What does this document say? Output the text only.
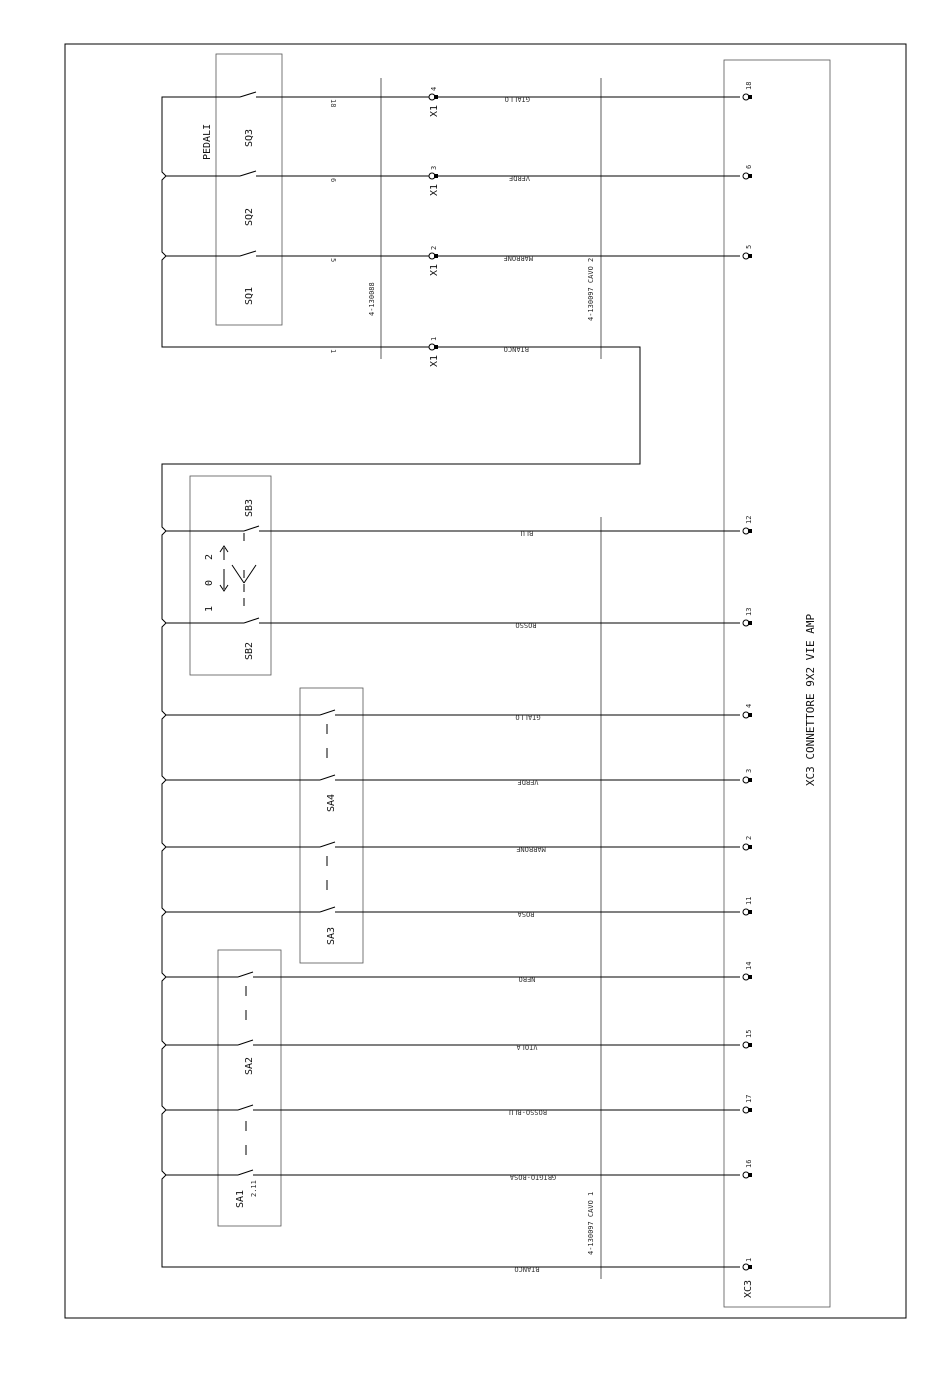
XC3 CONNETTORE 9X2 VIE AMP
4-130088	4-130097 CAVO 2
4-130097 CAVO 1
PEDALI	SQ3
SQ2
SQ1
X1
4
X1
3
X1
2
X1
1
18
6
5
1
GIALLO
VERDE
MARRONE
BIANCO
18
6
5
BLU
12
ROSSO
13
GIALLO
4
VERDE
3
MARRONE
2
ROSA
11
NERO
14
VIOLA
15
ROSSO-BLU
17
GRIGIO-ROSA
16
BIANCO
1
0
2
SB3
SB2
SA4
SA3
SA2
SA1
2.11
XC3
1
